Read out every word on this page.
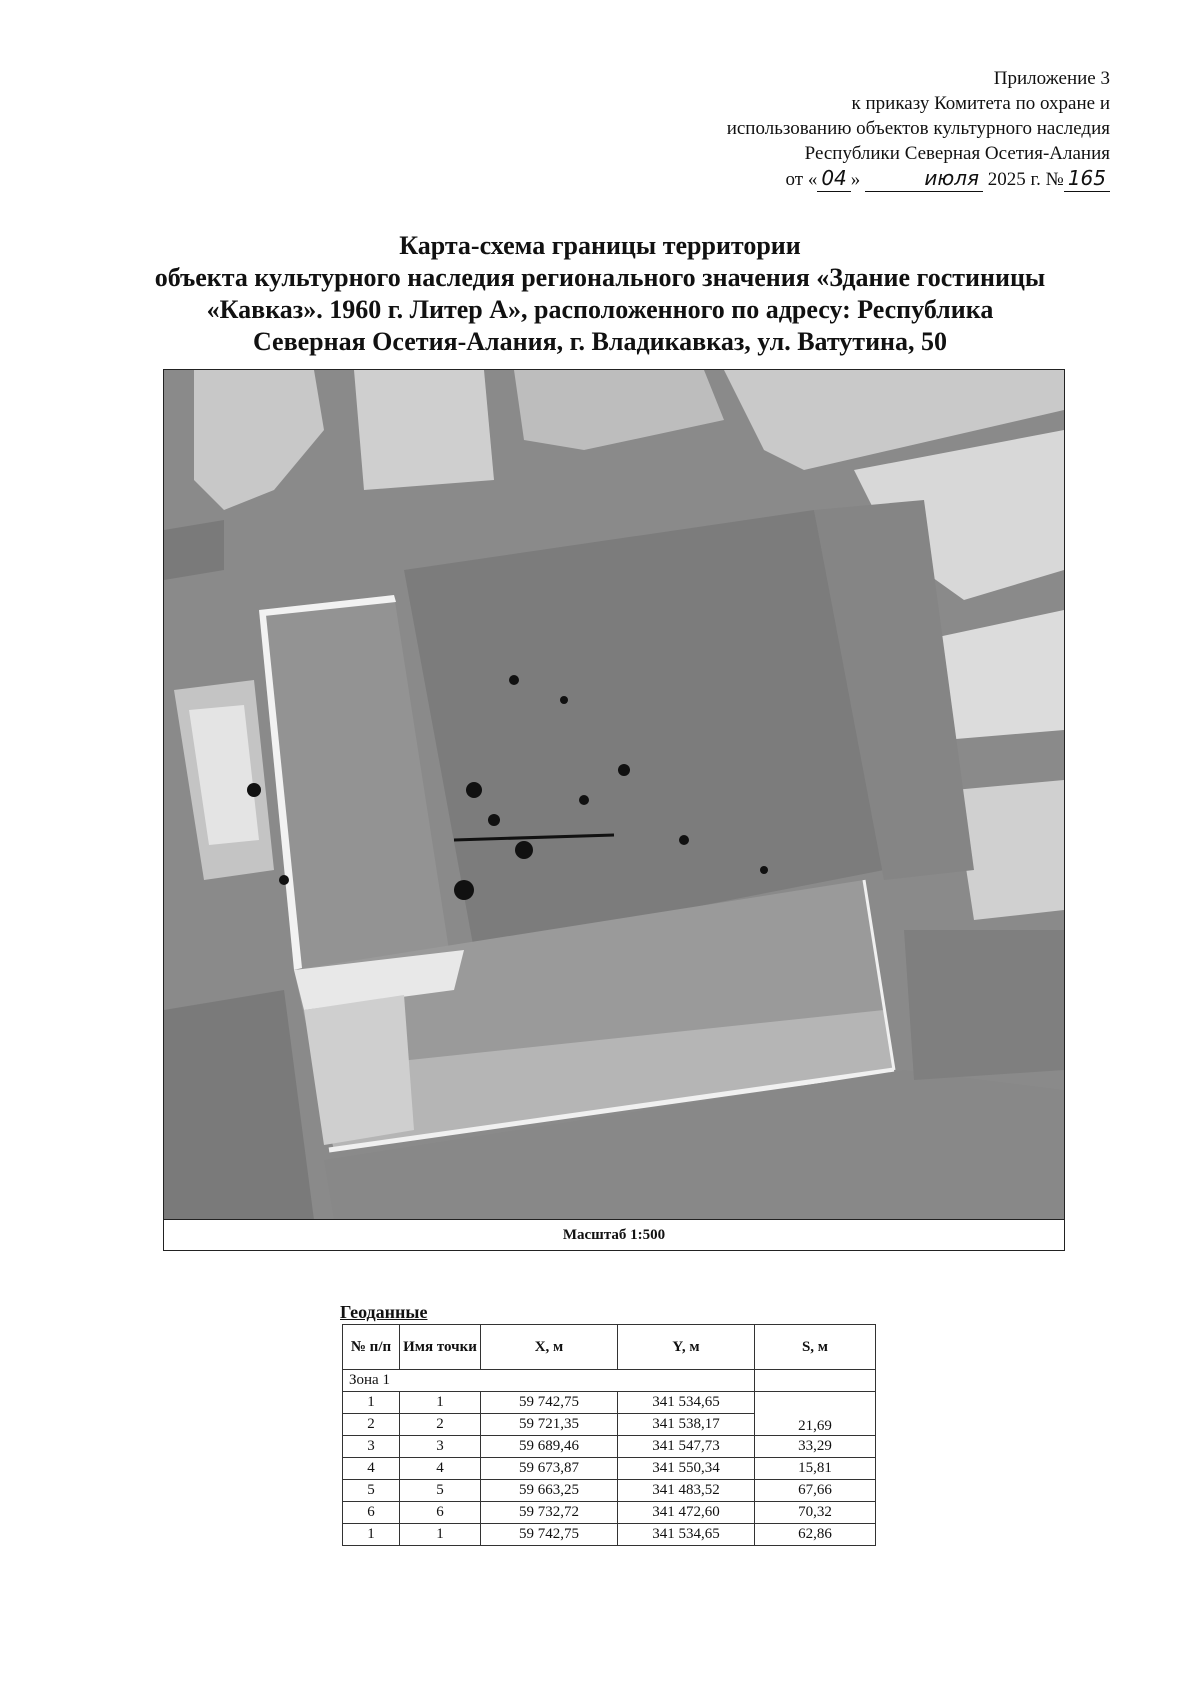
Приложение 3
к приказу Комитета по охране и
использованию объектов культурного наследия
Республики Северная Осетия-Алания
от « 04 »	июля 2025 г. № 165
Карта-схема границы территории
объекта культурного наследия регионального значения «Здание гостиницы
«Кавказ». 1960 г. Литер А», расположенного по адресу: Республика
Северная Осетия-Алания, г. Владикавказ, ул. Ватутина, 50
Масштаб 1:500
Геоданные
№ п/п	Имя точки	X, м	Y, м	S, м
Зона 1				
1	1	59 742,75	341 534,65	21,69
2	2	59 721,35	341 538,17	
3	3	59 689,46	341 547,73	33,29
4	4	59 673,87	341 550,34	15,81
5	5	59 663,25	341 483,52	67,66
6	6	59 732,72	341 472,60	70,32
1	1	59 742,75	341 534,65	62,86
